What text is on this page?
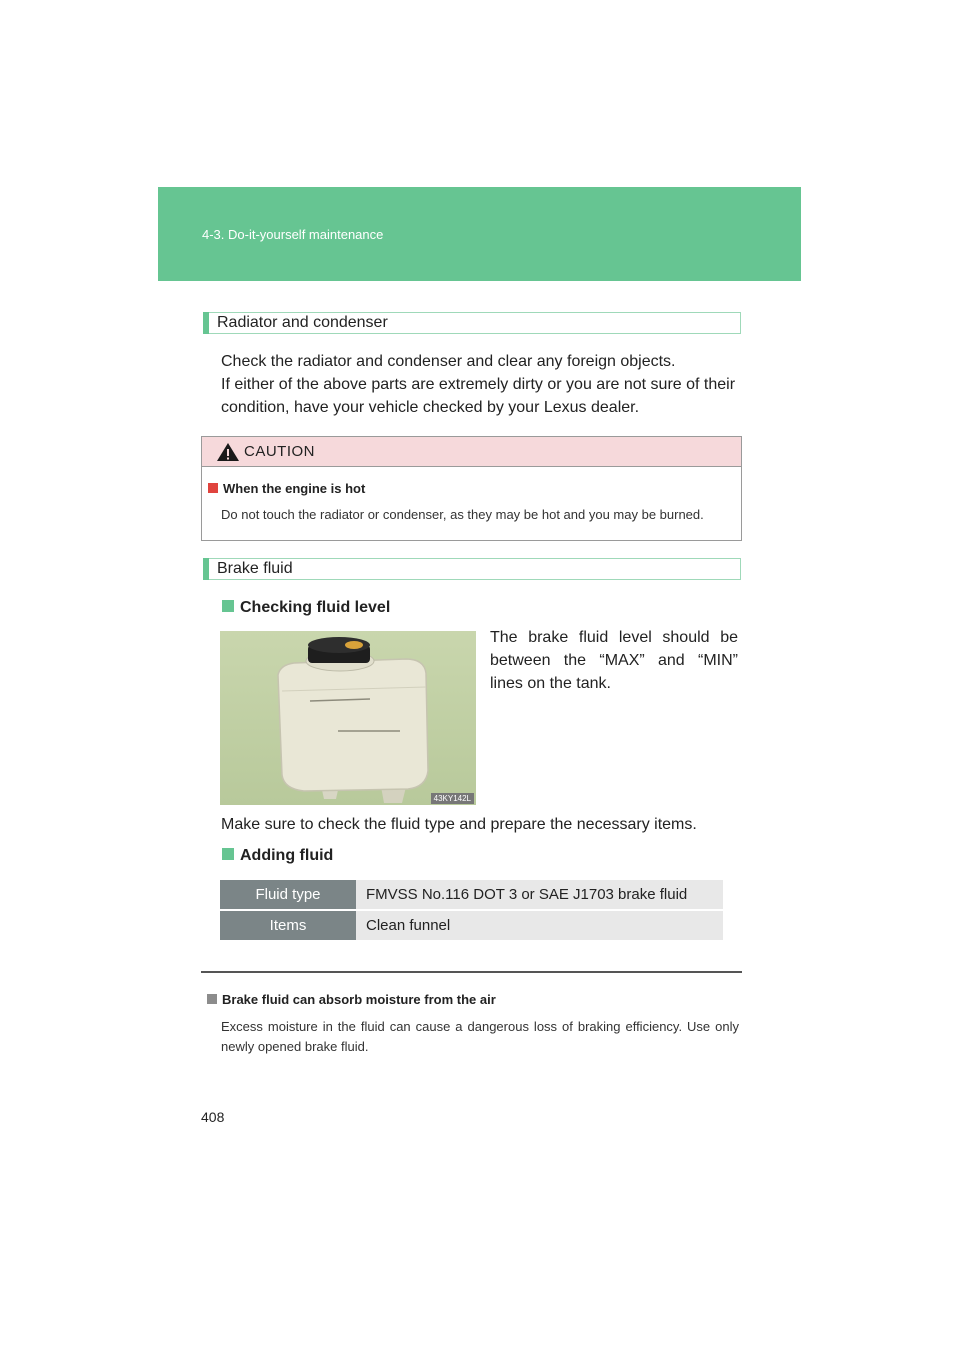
4-3. Do-it-yourself maintenance
Radiator and condenser
Check the radiator and condenser and clear any foreign objects.
If either of the above parts are extremely dirty or you are not sure of their
condition, have your vehicle checked by your Lexus dealer.
CAUTION
When the engine is hot
Do not touch the radiator or condenser, as they may be hot and you may be burned.
Brake fluid
Checking fluid level
43KY142L
The brake fluid level should be between the “MAX” and “MIN” lines on the tank.
Make sure to check the fluid type and prepare the necessary items.
Adding fluid
Fluid type	FMVSS No.116 DOT 3 or SAE J1703 brake fluid
Items	Clean funnel
Brake fluid can absorb moisture from the air
Excess moisture in the fluid can cause a dangerous loss of braking efficiency. Use only newly opened brake fluid.
408
